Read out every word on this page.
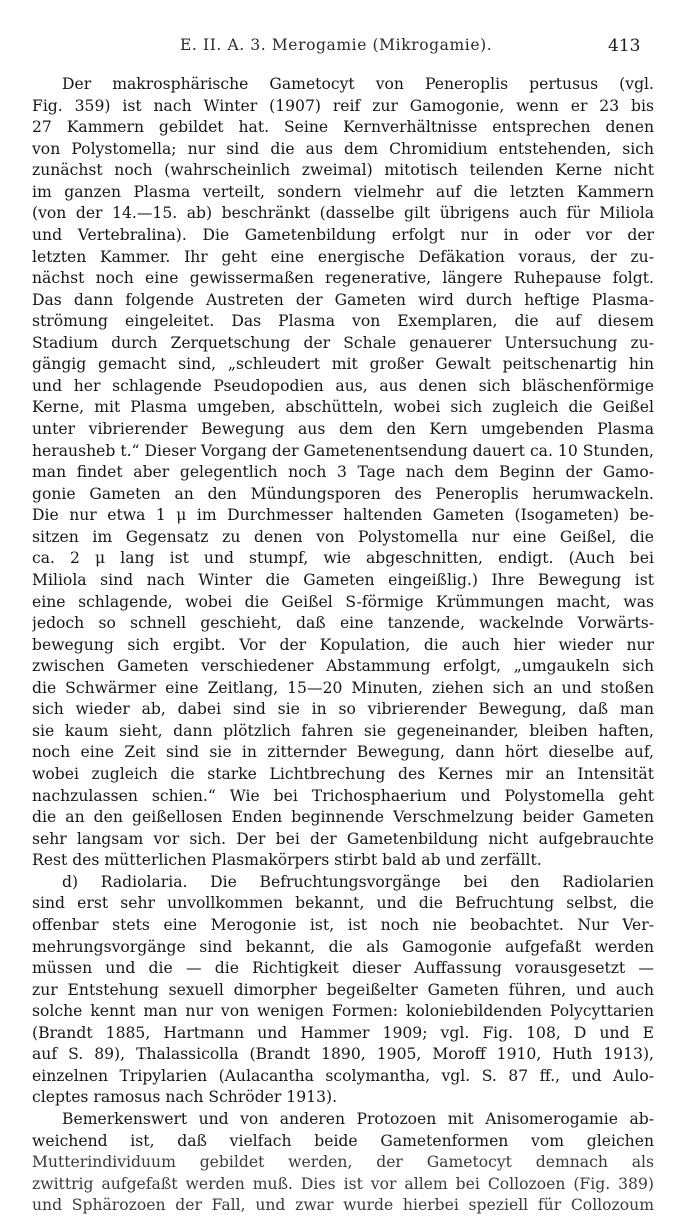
E. II. A. 3. Merogamie (Mikrogamie).	413
Der makrosphärische Gametocyt von Peneroplis pertusus (vgl.
Fig. 359) ist nach Winter (1907) reif zur Gamogonie, wenn er 23 bis
27 Kammern gebildet hat. Seine Kernverhältnisse entsprechen denen
von Polystomella; nur sind die aus dem Chromidium entstehenden, sich
zunächst noch (wahrscheinlich zweimal) mitotisch teilenden Kerne nicht
im ganzen Plasma verteilt, sondern vielmehr auf die letzten Kammern
(von der 14.—15. ab) beschränkt (dasselbe gilt übrigens auch für Miliola
und Vertebralina). Die Gametenbildung erfolgt nur in oder vor der
letzten Kammer. Ihr geht eine energische Defäkation voraus, der zu-
nächst noch eine gewissermaßen regenerative, längere Ruhepause folgt.
Das dann folgende Austreten der Gameten wird durch heftige Plasma-
strömung eingeleitet. Das Plasma von Exemplaren, die auf diesem
Stadium durch Zerquetschung der Schale genauerer Untersuchung zu-
gängig gemacht sind, „schleudert mit großer Gewalt peitschenartig hin
und her schlagende Pseudopodien aus, aus denen sich bläschenförmige
Kerne, mit Plasma umgeben, abschütteln, wobei sich zugleich die Geißel
unter vibrierender Bewegung aus dem den Kern umgebenden Plasma
herausheb t.“ Dieser Vorgang der Gametenentsendung dauert ca. 10 Stunden,
man findet aber gelegentlich noch 3 Tage nach dem Beginn der Gamo-
gonie Gameten an den Mündungsporen des Peneroplis herumwackeln.
Die nur etwa 1 μ im Durchmesser haltenden Gameten (Isogameten) be-
sitzen im Gegensatz zu denen von Polystomella nur eine Geißel, die
ca. 2 μ lang ist und stumpf, wie abgeschnitten, endigt. (Auch bei
Miliola sind nach Winter die Gameten eingeißlig.) Ihre Bewegung ist
eine schlagende, wobei die Geißel S-förmige Krümmungen macht, was
jedoch so schnell geschieht, daß eine tanzende, wackelnde Vorwärts-
bewegung sich ergibt. Vor der Kopulation, die auch hier wieder nur
zwischen Gameten verschiedener Abstammung erfolgt, „umgaukeln sich
die Schwärmer eine Zeitlang, 15—20 Minuten, ziehen sich an und stoßen
sich wieder ab, dabei sind sie in so vibrierender Bewegung, daß man
sie kaum sieht, dann plötzlich fahren sie gegeneinander, bleiben haften,
noch eine Zeit sind sie in zitternder Bewegung, dann hört dieselbe auf,
wobei zugleich die starke Lichtbrechung des Kernes mir an Intensität
nachzulassen schien.“ Wie bei Trichosphaerium und Polystomella geht
die an den geißellosen Enden beginnende Verschmelzung beider Gameten
sehr langsam vor sich. Der bei der Gametenbildung nicht aufgebrauchte
Rest des mütterlichen Plasmakörpers stirbt bald ab und zerfällt.
d) Radiolaria. Die Befruchtungsvorgänge bei den Radiolarien
sind erst sehr unvollkommen bekannt, und die Befruchtung selbst, die
offenbar stets eine Merogonie ist, ist noch nie beobachtet. Nur Ver-
mehrungsvorgänge sind bekannt, die als Gamogonie aufgefaßt werden
müssen und die — die Richtigkeit dieser Auffassung vorausgesetzt —
zur Entstehung sexuell dimorpher begeißelter Gameten führen, und auch
solche kennt man nur von wenigen Formen: koloniebildenden Polycyttarien
(Brandt 1885, Hartmann und Hammer 1909; vgl. Fig. 108, D und E
auf S. 89), Thalassicolla (Brandt 1890, 1905, Moroff 1910, Huth 1913),
einzelnen Tripylarien (Aulacantha scolymantha, vgl. S. 87 ff., und Aulo-
cleptes ramosus nach Schröder 1913).
Bemerkenswert und von anderen Protozoen mit Anisomerogamie ab-
weichend ist, daß vielfach beide Gametenformen vom gleichen
Mutterindividuum gebildet werden, der Gametocyt demnach als
zwittrig aufgefaßt werden muß. Dies ist vor allem bei Collozoen (Fig. 389)
und Sphärozoen der Fall, und zwar wurde hierbei speziell für Collozoum
